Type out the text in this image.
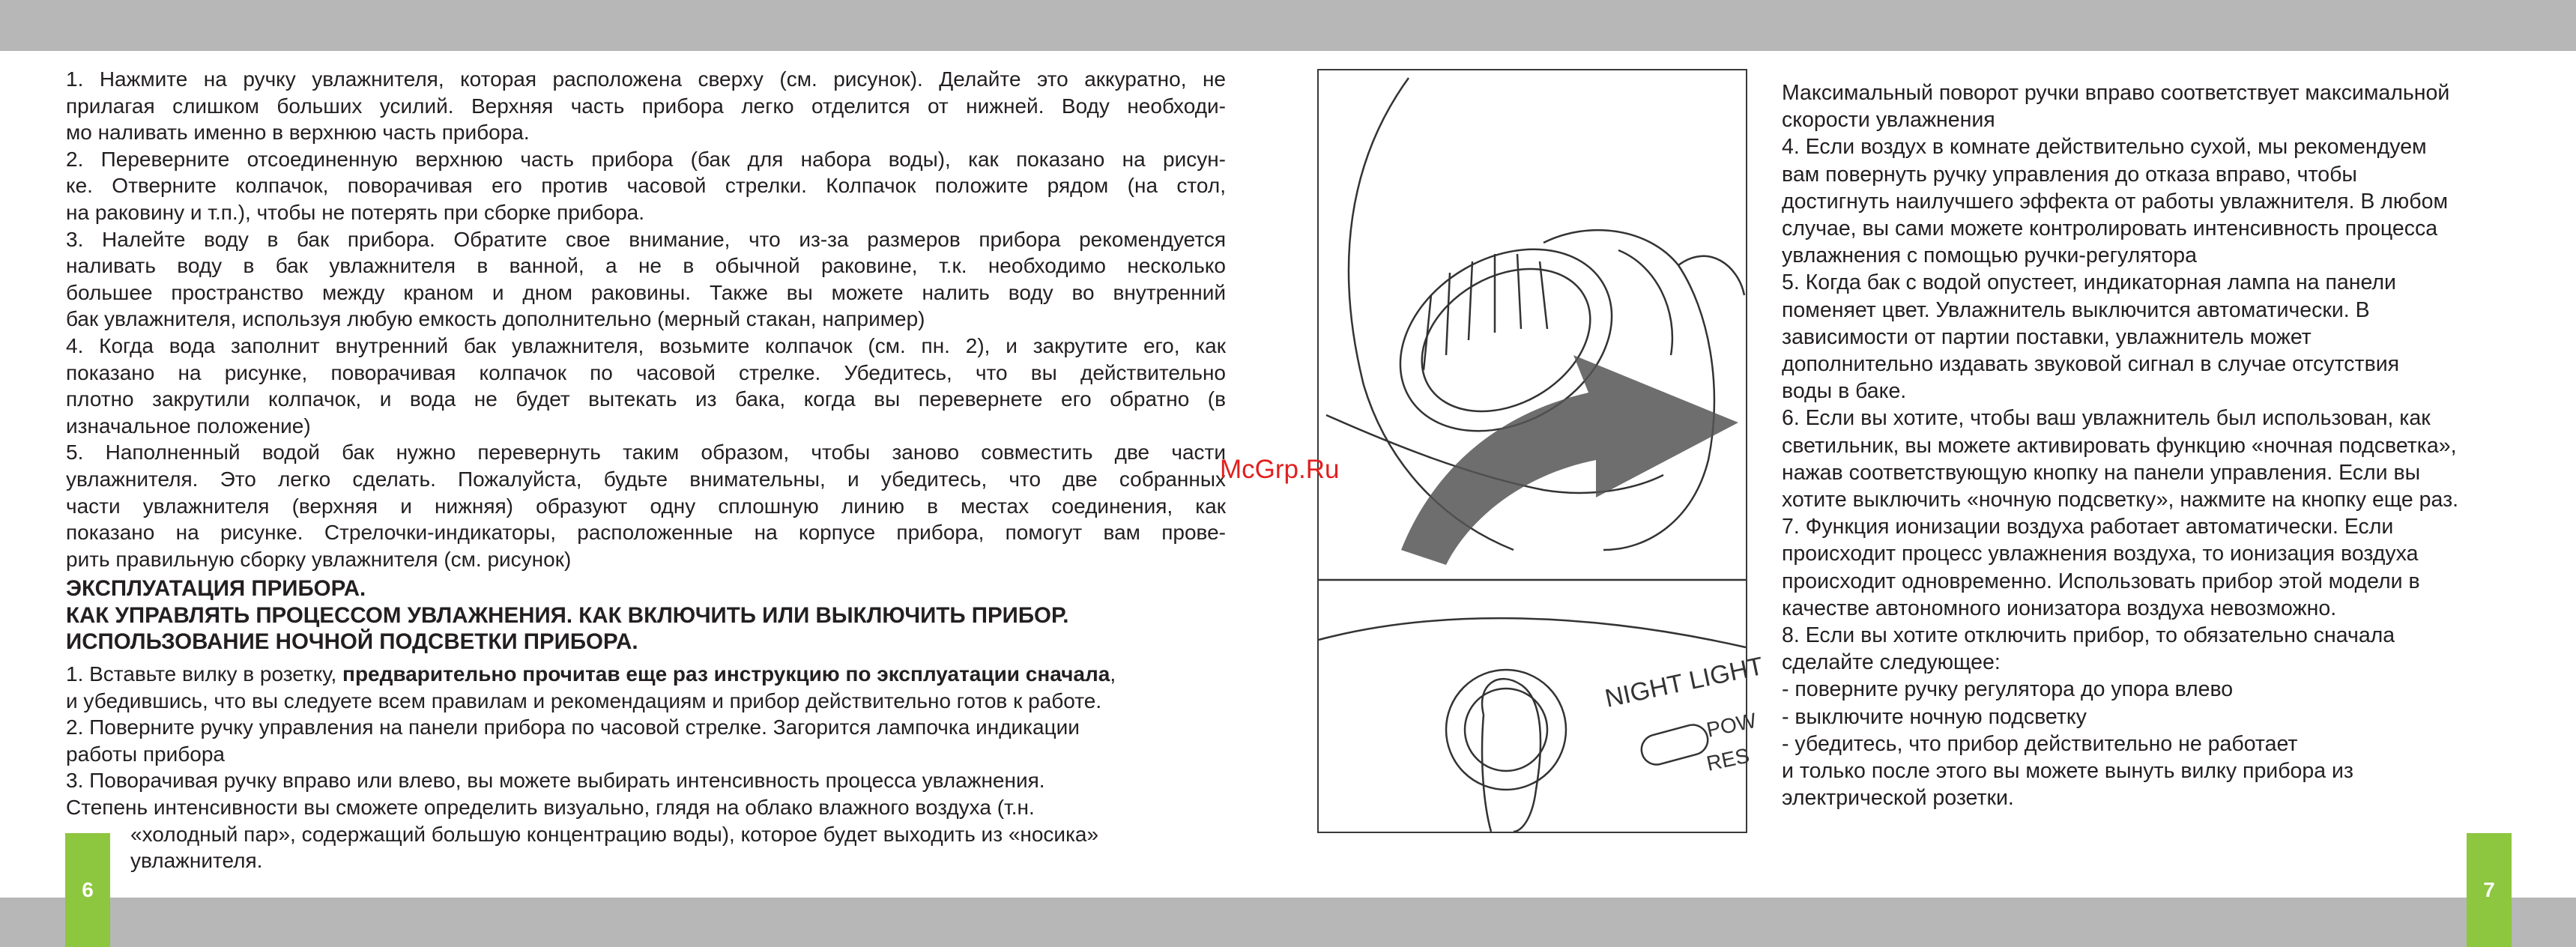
6	7
1. Нажмите на ручку увлажнителя, которая расположена сверху (см. рисунок). Делайте это аккуратно, не
прилагая слишком больших усилий. Верхняя часть прибора легко отделится от нижней. Воду необходи-
мо наливать именно в верхнюю часть прибора.
2. Переверните отсоединенную верхнюю часть прибора (бак для набора воды), как показано на рисун-
ке. Отверните колпачок, поворачивая его против часовой стрелки. Колпачок положите рядом (на стол,
на раковину и т.п.), чтобы не потерять при сборке прибора.
3. Налейте воду в бак прибора. Обратите свое внимание, что из-за размеров прибора рекомендуется
наливать воду в бак увлажнителя в ванной, а не в обычной раковине, т.к. необходимо несколько
большее пространство между краном и дном раковины. Также вы можете налить воду во внутренний
бак увлажнителя, используя любую емкость дополнительно (мерный стакан, например)
4. Когда вода заполнит внутренний бак увлажнителя, возьмите колпачок (см. пн. 2), и закрутите его, как
показано на рисунке, поворачивая колпачок по часовой стрелке. Убедитесь, что вы действительно
плотно закрутили колпачок, и вода не будет вытекать из бака, когда вы перевернете его обратно (в
изначальное положение)
5. Наполненный водой бак нужно перевернуть таким образом, чтобы заново совместить две части
увлажнителя. Это легко сделать. Пожалуйста, будьте внимательны, и убедитесь, что две собранных
части увлажнителя (верхняя и нижняя) образуют одну сплошную линию в местах соединения, как
показано на рисунке. Стрелочки-индикаторы, расположенные на корпусе прибора, помогут вам прове-
рить правильную сборку увлажнителя (см. рисунок)
ЭКСПЛУАТАЦИЯ ПРИБОРА.
КАК УПРАВЛЯТЬ ПРОЦЕССОМ УВЛАЖНЕНИЯ. КАК ВКЛЮЧИТЬ ИЛИ ВЫКЛЮЧИТЬ ПРИБОР.
ИСПОЛЬЗОВАНИЕ НОЧНОЙ ПОДСВЕТКИ ПРИБОРА.
1. Вставьте вилку в розетку, предварительно прочитав еще раз инструкцию по эксплуатации сначала,
и убедившись, что вы следуете всем правилам и рекомендациям и прибор действительно готов к работе.
2. Поверните ручку управления на панели прибора по часовой стрелке. Загорится лампочка индикации
работы прибора
3. Поворачивая ручку вправо или влево, вы можете выбирать интенсивность процесса увлажнения.
Степень интенсивности вы сможете определить визуально, глядя на облако влажного воздуха (т.н.
«холодный пар», содержащий большую концентрацию воды), которое будет выходить из «носика»
увлажнителя.
NIGHT LIGHT
POW
RES
McGrp.Ru
Максимальный поворот ручки вправо соответствует максимальной
скорости увлажнения
4. Если воздух в комнате действительно сухой, мы рекомендуем
вам повернуть ручку управления до отказа вправо, чтобы
достигнуть наилучшего эффекта от работы увлажнителя. В любом
случае, вы сами можете контролировать интенсивность процесса
увлажнения с помощью ручки-регулятора
5. Когда бак с водой опустеет, индикаторная лампа на панели
поменяет цвет. Увлажнитель выключится автоматически. В
зависимости от партии поставки, увлажнитель может
дополнительно издавать звуковой сигнал в случае отсутствия
воды в баке.
6. Если вы хотите, чтобы ваш увлажнитель был использован, как
светильник, вы можете активировать функцию «ночная подсветка»,
нажав соответствующую кнопку на панели управления. Если вы
хотите выключить «ночную подсветку», нажмите на кнопку еще раз.
7. Функция ионизации воздуха работает автоматически. Если
происходит процесс увлажнения воздуха, то ионизация воздуха
происходит одновременно. Использовать прибор этой модели в
качестве автономного ионизатора воздуха невозможно.
8. Если вы хотите отключить прибор, то обязательно сначала
сделайте следующее:
- поверните ручку регулятора до упора влево
- выключите ночную подсветку
- убедитесь, что прибор действительно не работает
и только после этого вы можете вынуть вилку прибора из
электрической розетки.
